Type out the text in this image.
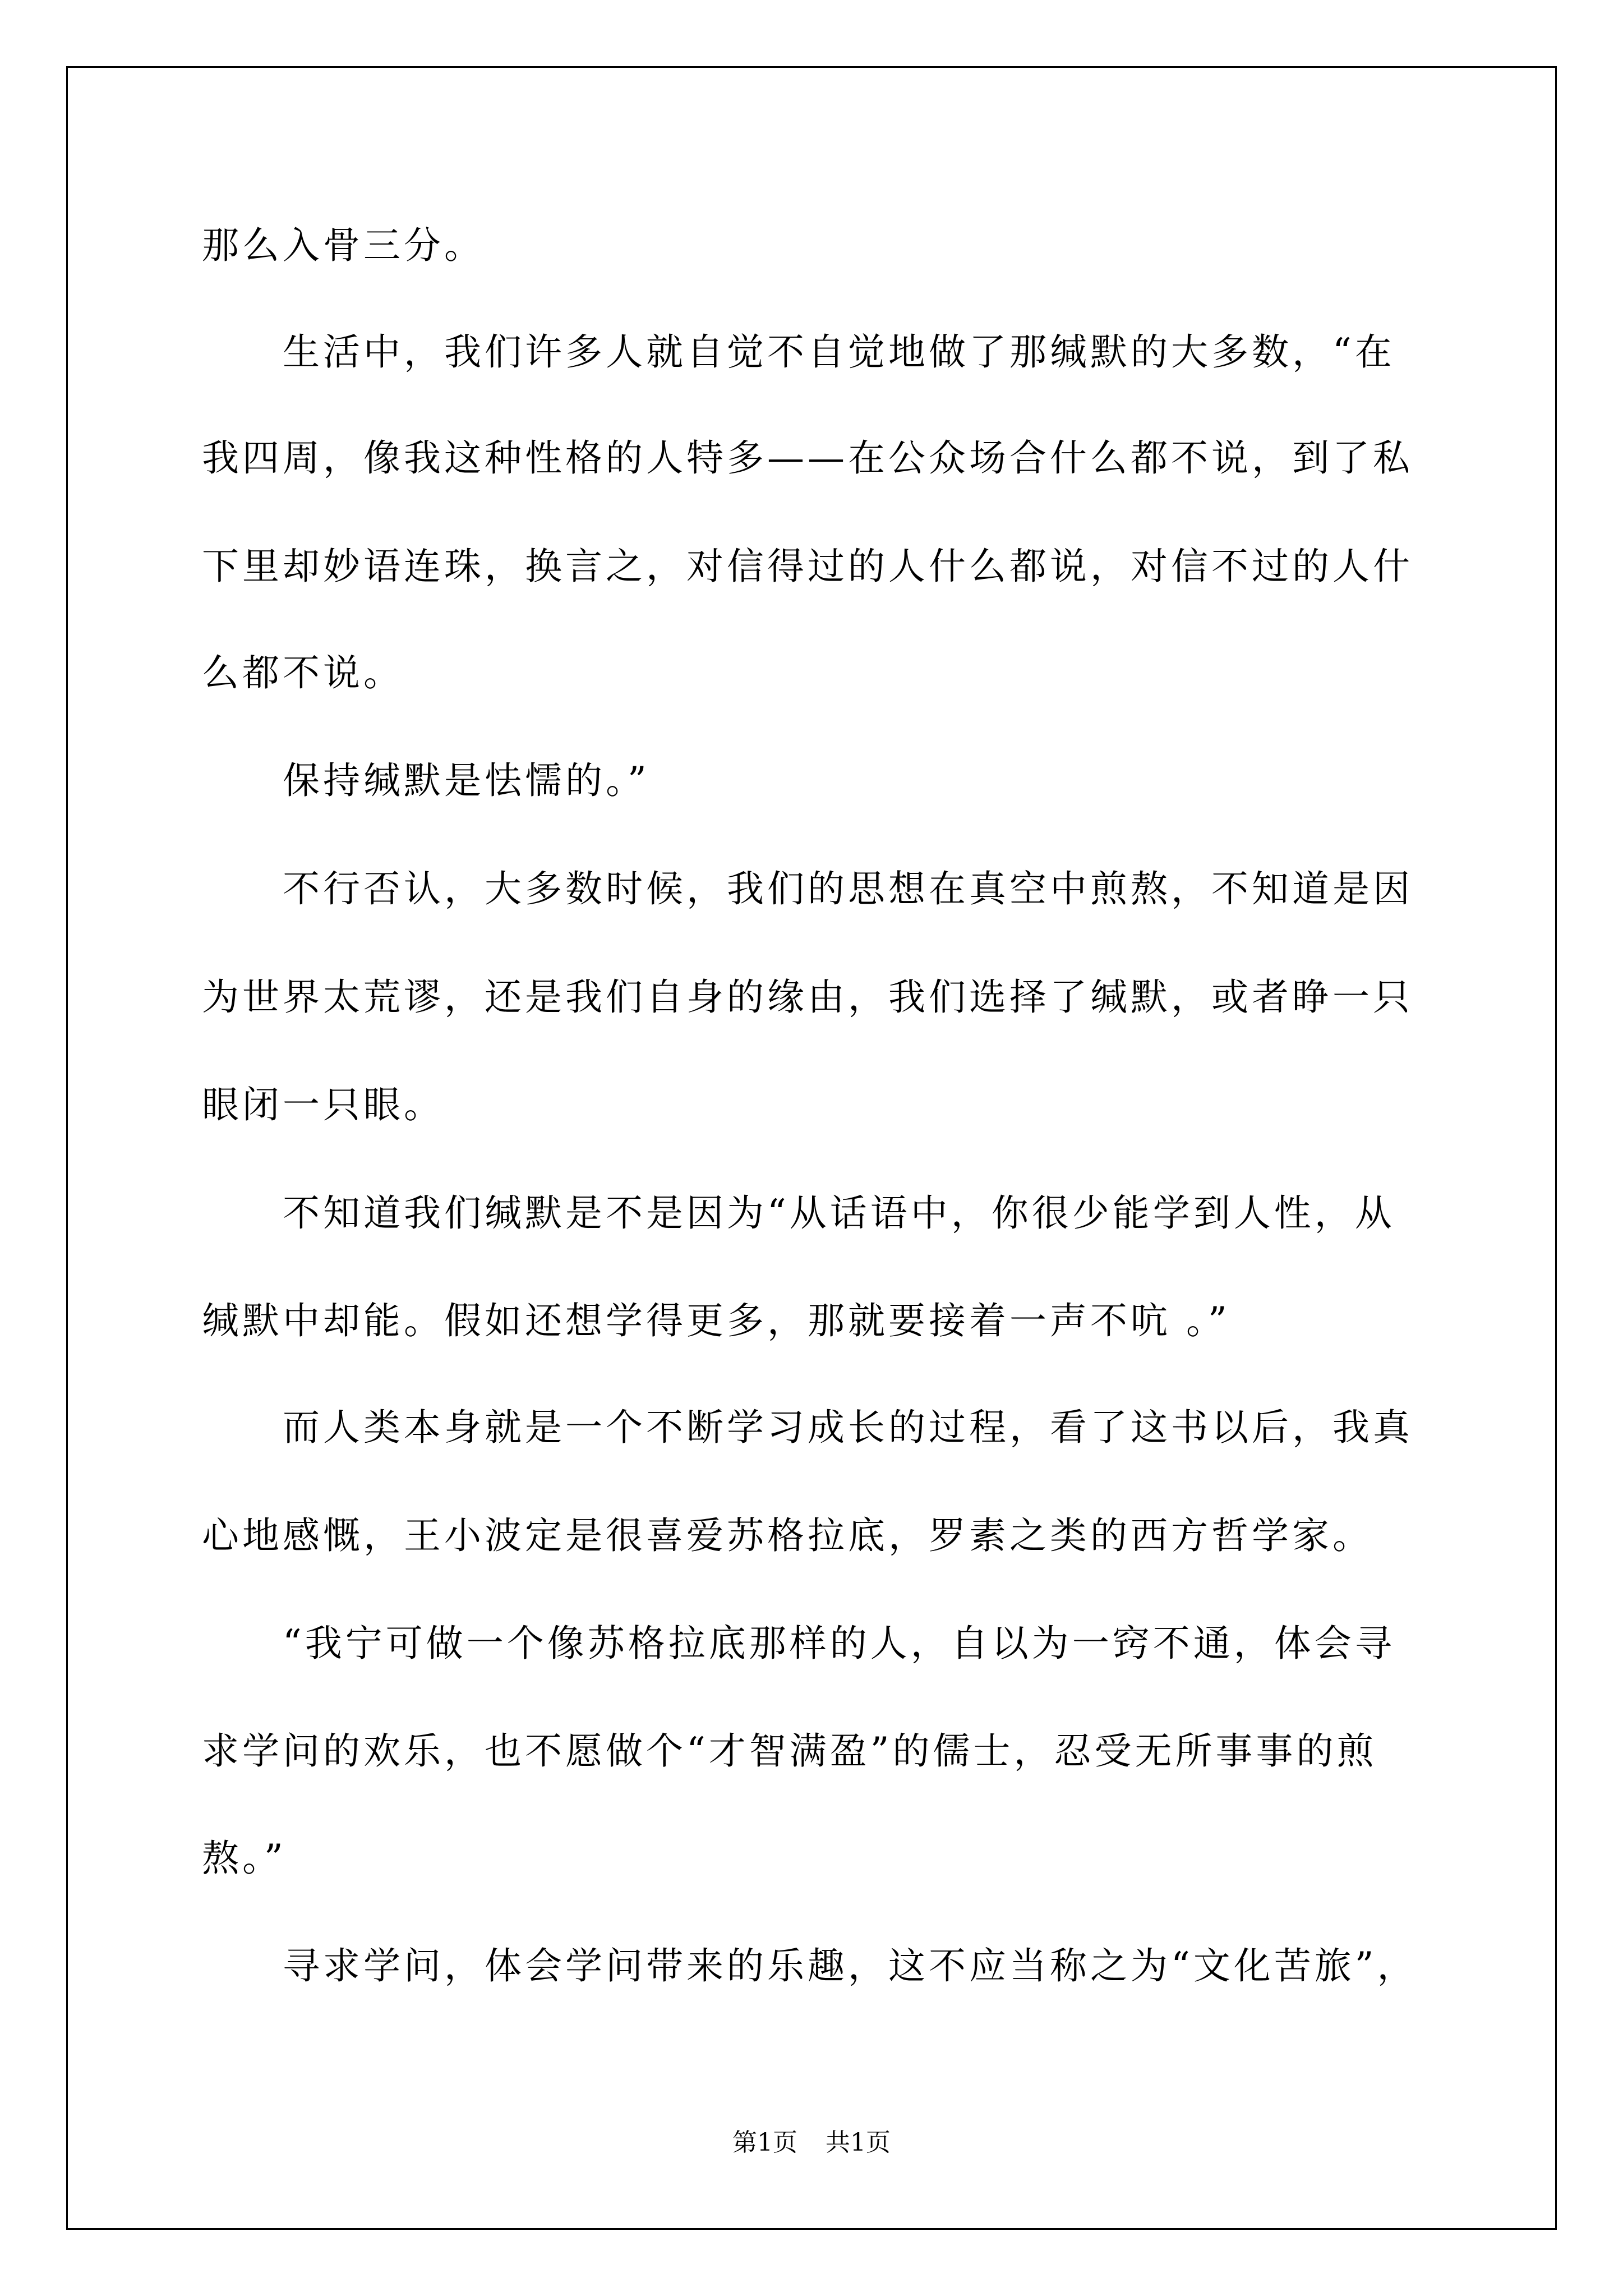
那么入骨三分。
　　生活中，我们许多人就自觉不自觉地做了那缄默的大多数，“在
我四周，像我这种性格的人特多——在公众场合什么都不说，到了私
下里却妙语连珠，换言之，对信得过的人什么都说，对信不过的人什
么都不说。
　　保持缄默是怯懦的。”
　　不行否认，大多数时候，我们的思想在真空中煎熬，不知道是因
为世界太荒谬，还是我们自身的缘由，我们选择了缄默，或者睁一只
眼闭一只眼。
　　不知道我们缄默是不是因为“从话语中，你很少能学到人性，从
缄默中却能。假如还想学得更多，那就要接着一声不吭 。”
　　而人类本身就是一个不断学习成长的过程，看了这书以后，我真
心地感慨，王小波定是很喜爱苏格拉底，罗素之类的西方哲学家。
　　“我宁可做一个像苏格拉底那样的人，自以为一窍不通，体会寻
求学问的欢乐，也不愿做个“才智满盈”的儒士，忍受无所事事的煎
熬。”
　　寻求学问，体会学问带来的乐趣，这不应当称之为“文化苦旅”，
第1页 共1页
